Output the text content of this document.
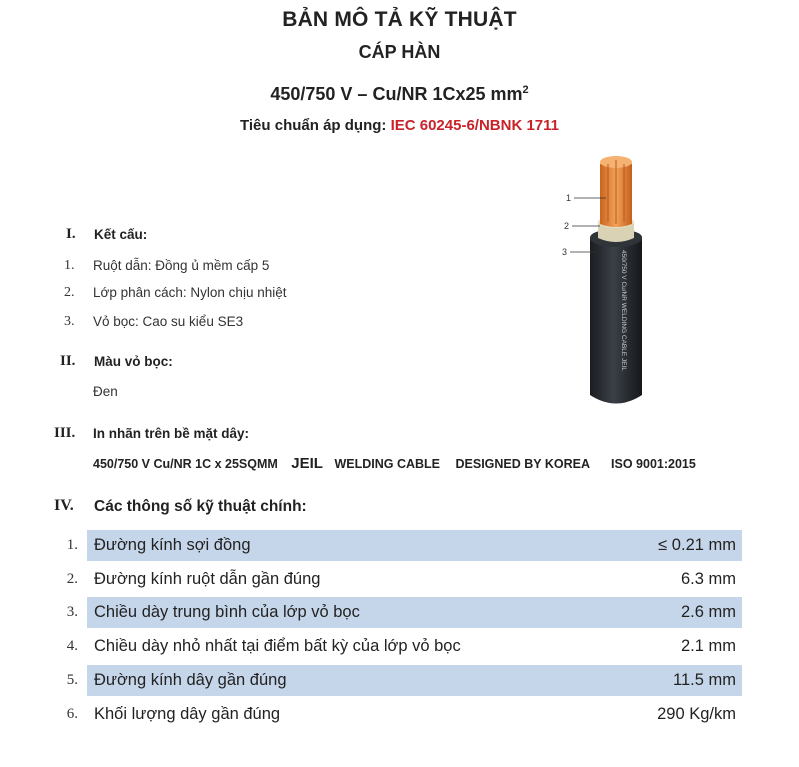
BẢN MÔ TẢ KỸ THUẬT
CÁP HÀN
450/750 V – Cu/NR 1Cx25 $mm^2$
Tiêu chuẩn áp dụng: IEC 60245-6/NBNK 1711
I. Kết cấu:
1. Ruột dẫn: Đồng ủ mềm cấp 5
2. Lớp phân cách: Nylon chịu nhiệt
3. Vỏ bọc: Cao su kiểu SE3
II. Màu vỏ bọc:
Đen
III. In nhãn trên bề mặt dây:
450/750 V Cu/NR 1C x 25SQMM JEIL WELDING CABLE DESIGNED BY KOREA ISO 9001:2015
IV. Các thông số kỹ thuật chính:
1. Đường kính sợi đồng	≤ 0.21 mm
2. Đường kính ruột dẫn gần đúng	6.3 mm
3. Chiều dày trung bình của lớp vỏ bọc	2.6 mm
4. Chiều dày nhỏ nhất tại điểm bất kỳ của lớp vỏ bọc	2.1 mm
5. Đường kính dây gần đúng	11.5 mm
6. Khối lượng dây gần đúng	290 Kg/km
450/750 V Cu/NR WELDING CABLE JEIL
1
2
3
